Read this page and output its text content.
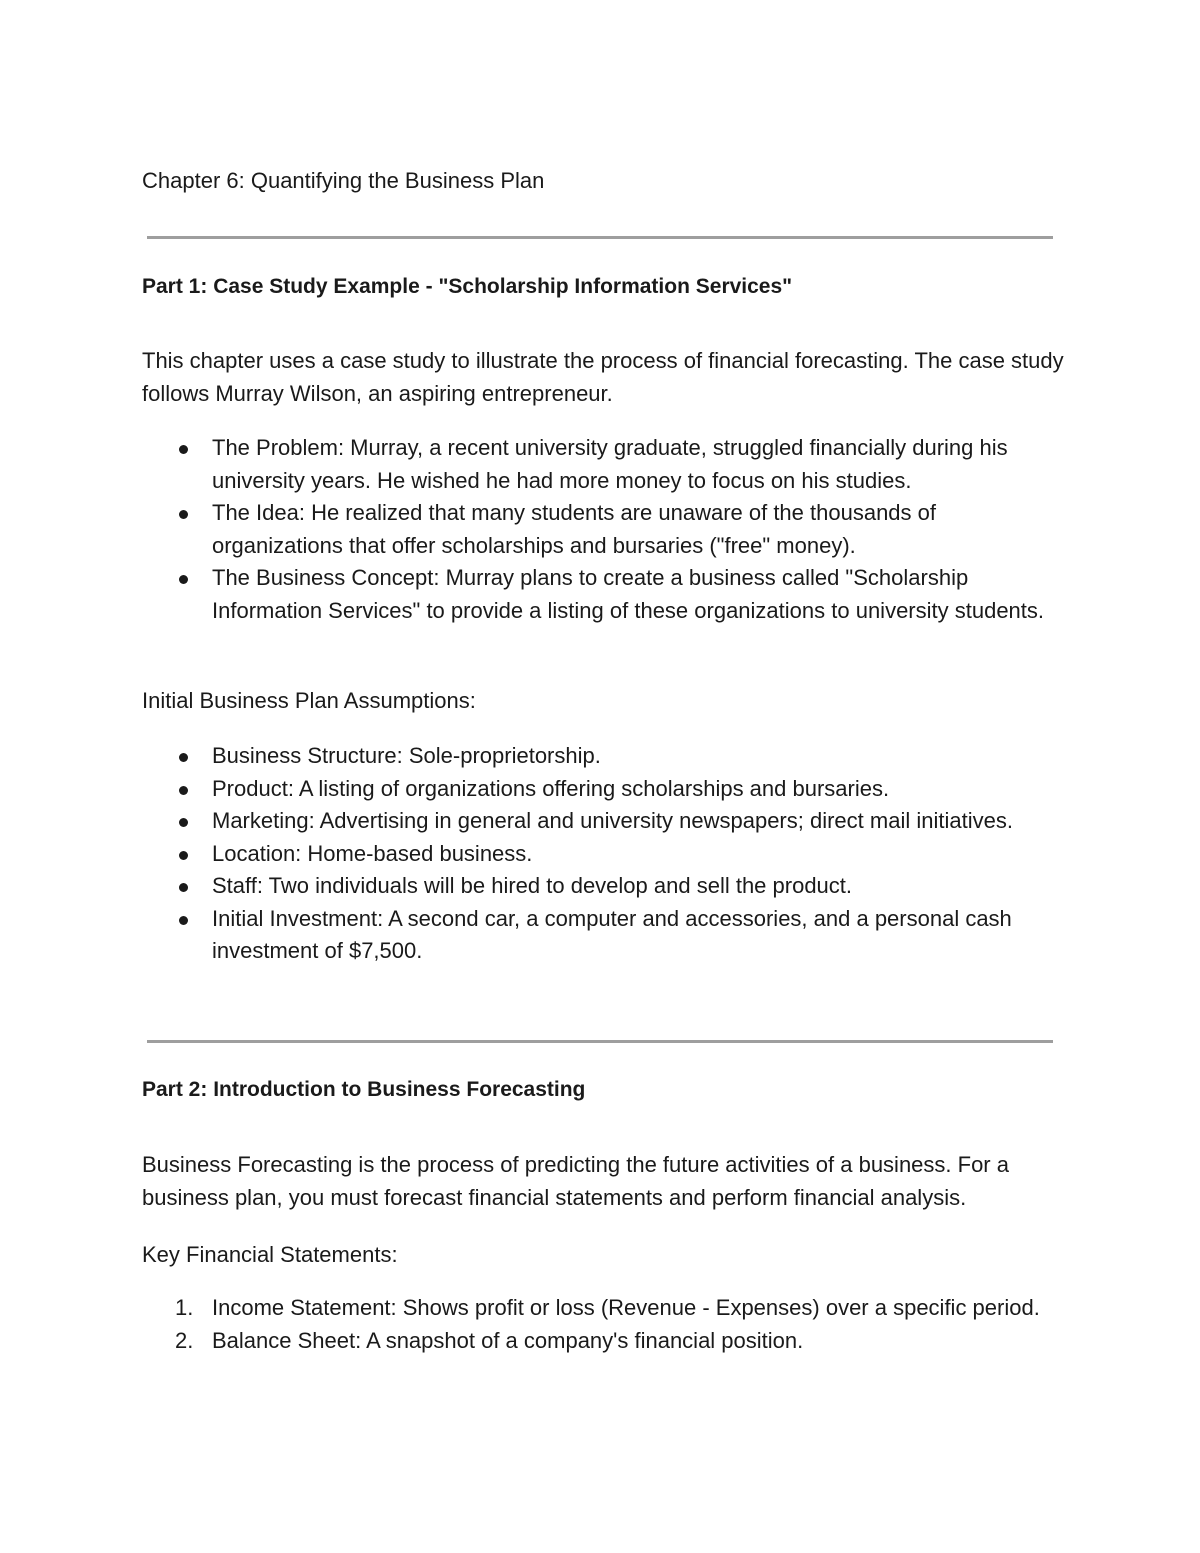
Chapter 6: Quantifying the Business Plan
Part 1: Case Study Example - "Scholarship Information Services"

This chapter uses a case study to illustrate the process of financial forecasting. The case study follows Murray Wilson, an aspiring entrepreneur.

The Problem: Murray, a recent university graduate, struggled financially during his university years. He wished he had more money to focus on his studies.
The Idea: He realized that many students are unaware of the thousands of organizations that offer scholarships and bursaries ("free" money).
The Business Concept: Murray plans to create a business called "Scholarship Information Services" to provide a listing of these organizations to university students.

Initial Business Plan Assumptions:

Business Structure: Sole-proprietorship.
Product: A listing of organizations offering scholarships and bursaries.
Marketing: Advertising in general and university newspapers; direct mail initiatives.
Location: Home-based business.
Staff: Two individuals will be hired to develop and sell the product.
Initial Investment: A second car, a computer and accessories, and a personal cash investment of $7,500.
Part 2: Introduction to Business Forecasting

Business Forecasting is the process of predicting the future activities of a business. For a business plan, you must forecast financial statements and perform financial analysis.

Key Financial Statements:

1. Income Statement: Shows profit or loss (Revenue - Expenses) over a specific period.
2. Balance Sheet: A snapshot of a company's financial position.
